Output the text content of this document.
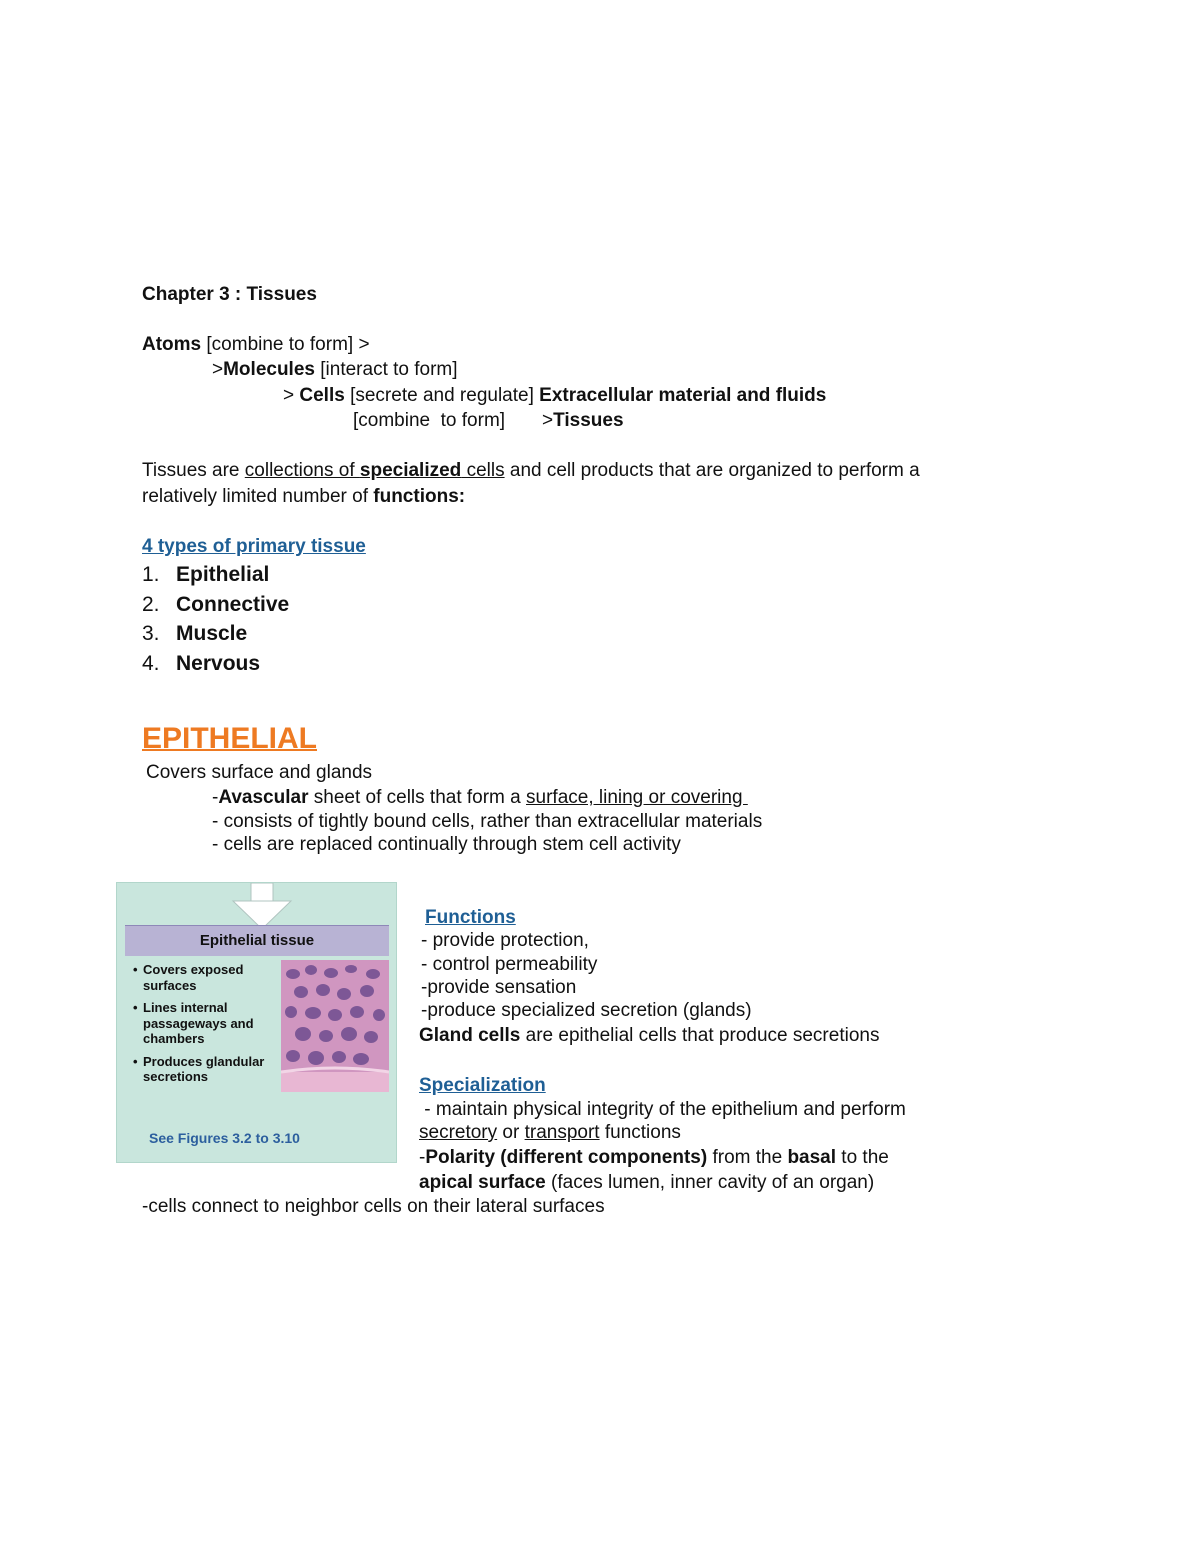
Chapter 3 : Tissues
Atoms [combine to form] >
>Molecules [interact to form]
> Cells [secrete and regulate] Extracellular material and fluids
[combine  to form]       >Tissues
Tissues are collections of specialized cells and cell products that are organized to perform a
relatively limited number of functions:
4 types of primary tissue
1. Epithelial
2. Connective
3. Muscle
4. Nervous
EPITHELIAL
Covers surface and glands
-Avascular sheet of cells that form a surface, lining or covering
- consists of tightly bound cells, rather than extracellular materials
- cells are replaced continually through stem cell activity
Epithelial tissue
• Covers exposed surfaces
• Lines internal passageways and chambers
• Produces glandular secretions
See Figures 3.2 to 3.10
Functions
- provide protection,
- control permeability
-provide sensation
-produce specialized secretion (glands)
Gland cells are epithelial cells that produce secretions
Specialization
- maintain physical integrity of the epithelium and perform
secretory or transport functions
-Polarity (different components) from the basal to the
apical surface (faces lumen, inner cavity of an organ)
-cells connect to neighbor cells on their lateral surfaces
